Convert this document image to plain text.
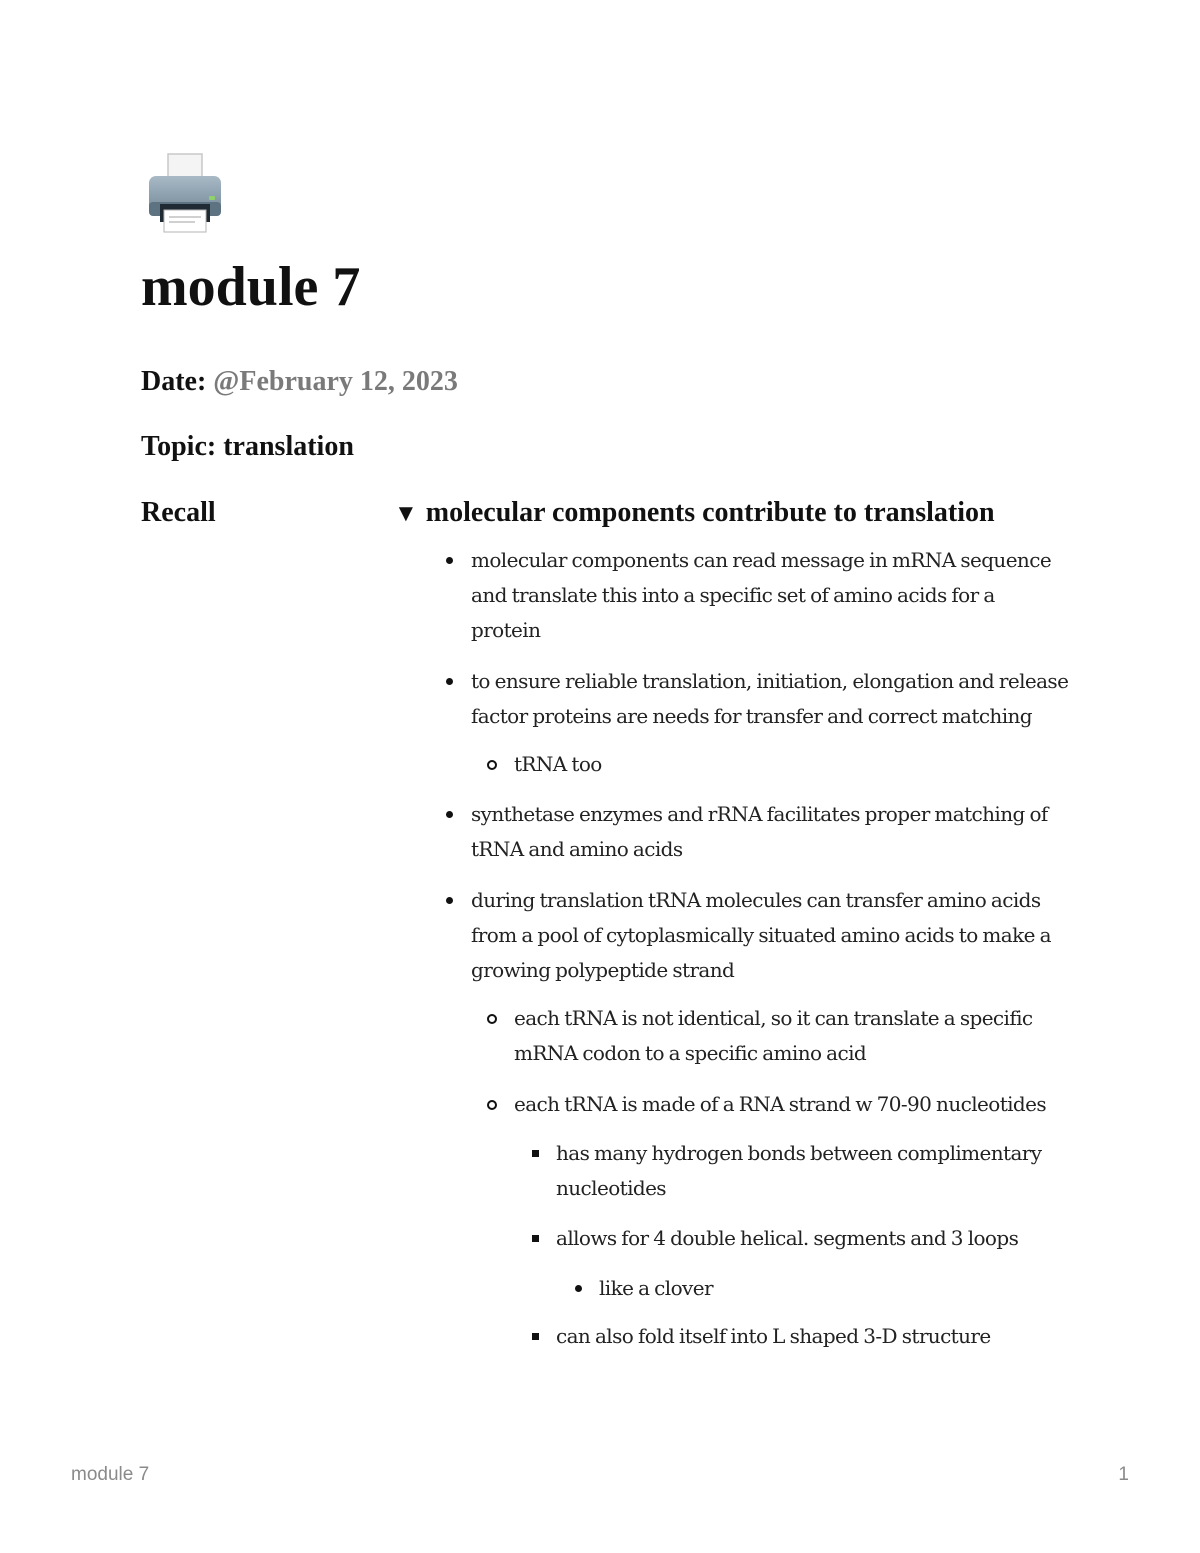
module 7

Date: @February 12, 2023

Topic: translation

Recall	▼ molecular components contribute to translation

molecular components can read message in mRNA sequence
and translate this into a specific set of amino acids for a
protein
to ensure reliable translation, initiation, elongation and release
factor proteins are needs for transfer and correct matching
tRNA too
synthetase enzymes and rRNA facilitates proper matching of
tRNA and amino acids
during translation tRNA molecules can transfer amino acids
from a pool of cytoplasmically situated amino acids to make a
growing polypeptide strand
each tRNA is not identical, so it can translate a specific
mRNA codon to a specific amino acid
each tRNA is made of a RNA strand w 70-90 nucleotides
has many hydrogen bonds between complimentary
nucleotides
allows for 4 double helical. segments and 3 loops
like a clover
can also fold itself into L shaped 3-D structure

module 7	1
